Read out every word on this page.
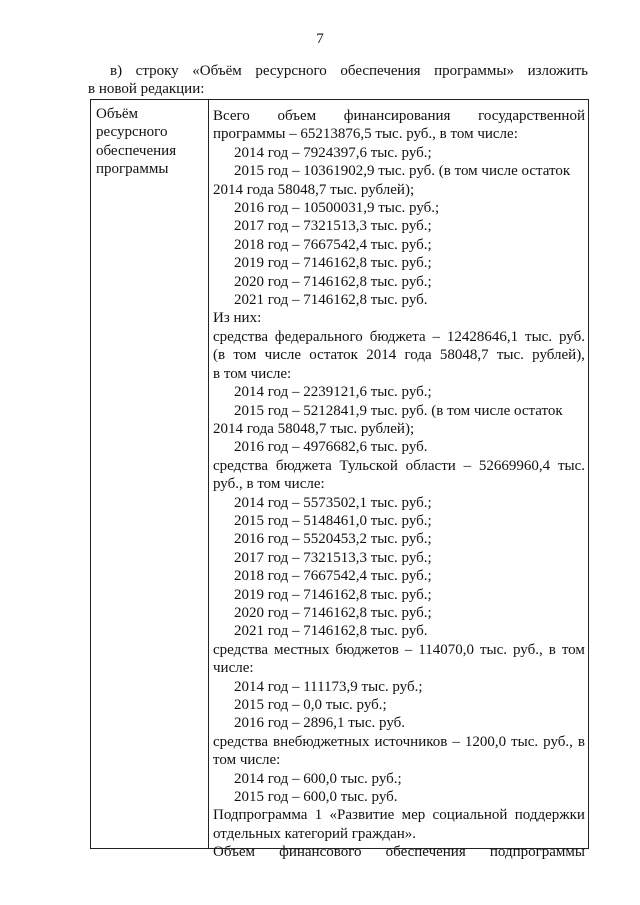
7
в) строку «Объём ресурсного обеспечения программы» изложить
в новой редакции:
Объём
ресурсного
обеспечения
программы
Всего объем финансирования государственной
программы – 65213876,5 тыс. руб., в том числе:
2014 год – 7924397,6 тыс. руб.;
2015 год – 10361902,9 тыс. руб. (в том числе остаток
2014 года 58048,7 тыс. рублей);
2016 год – 10500031,9 тыс. руб.;
2017 год – 7321513,3 тыс. руб.;
2018 год – 7667542,4 тыс. руб.;
2019 год – 7146162,8 тыс. руб.;
2020 год – 7146162,8 тыс. руб.;
2021 год – 7146162,8 тыс. руб.
Из них:
средства федерального бюджета – 12428646,1 тыс. руб.
(в том числе остаток 2014 года 58048,7 тыс. рублей),
в том числе:
2014 год – 2239121,6 тыс. руб.;
2015 год – 5212841,9 тыс. руб. (в том числе остаток
2014 года 58048,7 тыс. рублей);
2016 год – 4976682,6 тыс. руб.
средства бюджета Тульской области – 52669960,4 тыс.
руб., в том числе:
2014 год – 5573502,1 тыс. руб.;
2015 год – 5148461,0 тыс. руб.;
2016 год – 5520453,2 тыс. руб.;
2017 год – 7321513,3 тыс. руб.;
2018 год – 7667542,4 тыс. руб.;
2019 год – 7146162,8 тыс. руб.;
2020 год – 7146162,8 тыс. руб.;
2021 год – 7146162,8 тыс. руб.
средства местных бюджетов – 114070,0 тыс. руб., в том
числе:
2014 год – 111173,9 тыс. руб.;
2015 год – 0,0 тыс. руб.;
2016 год – 2896,1 тыс. руб.
средства внебюджетных источников – 1200,0 тыс. руб., в
том числе:
2014 год – 600,0 тыс. руб.;
2015 год – 600,0 тыс. руб.
Подпрограмма 1 «Развитие мер социальной поддержки
отдельных категорий граждан».
Объем финансового обеспечения подпрограммы
